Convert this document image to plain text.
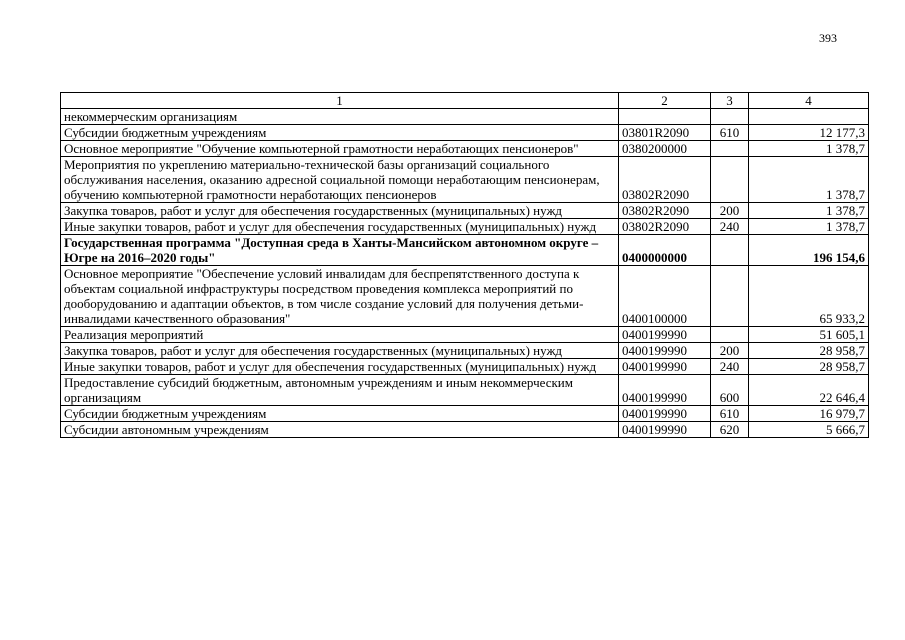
393
1	2	3	4
некоммерческим организациям			
Субсидии бюджетным учреждениям	03801R2090	610	12 177,3
Основное мероприятие "Обучение компьютерной грамотности неработающих пенсионеров"	0380200000		1 378,7
Мероприятия по укреплению материально-технической базы организаций социального обслуживания населения, оказанию адресной социальной помощи неработающим пенсионерам, обучению компьютерной грамотности неработающих пенсионеров	03802R2090		1 378,7
Закупка товаров, работ и услуг для обеспечения государственных (муниципальных) нужд	03802R2090	200	1 378,7
Иные закупки товаров, работ и услуг для обеспечения государственных (муниципальных) нужд	03802R2090	240	1 378,7
Государственная программа "Доступная среда в Ханты-Мансийском автономном округе – Югре на 2016–2020 годы"	0400000000		196 154,6
Основное мероприятие "Обеспечение условий инвалидам для беспрепятственного доступа к объектам социальной инфраструктуры посредством проведения комплекса мероприятий по дооборудованию и адаптации объектов, в том числе создание условий для получения детьми-инвалидами качественного образования"	0400100000		65 933,2
Реализация мероприятий	0400199990		51 605,1
Закупка товаров, работ и услуг для обеспечения государственных (муниципальных) нужд	0400199990	200	28 958,7
Иные закупки товаров, работ и услуг для обеспечения государственных (муниципальных) нужд	0400199990	240	28 958,7
Предоставление субсидий бюджетным, автономным учреждениям и иным некоммерческим организациям	0400199990	600	22 646,4
Субсидии бюджетным учреждениям	0400199990	610	16 979,7
Субсидии автономным учреждениям	0400199990	620	5 666,7
